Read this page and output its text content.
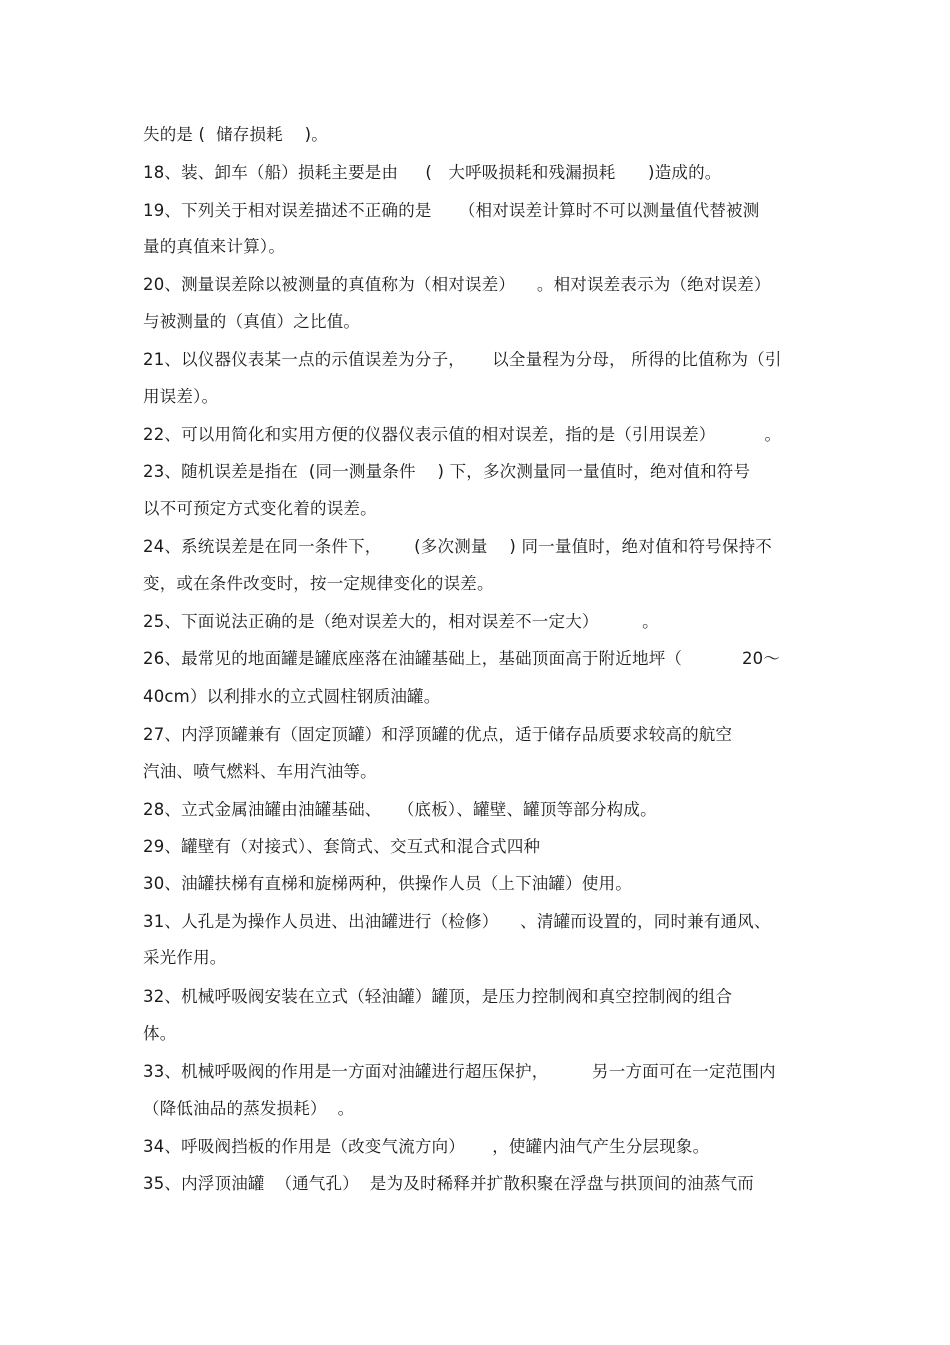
失的是 (  储存损耗    )。
18、装、卸车（船）损耗主要是由     (   大呼吸损耗和残漏损耗      )造成的。
19、下列关于相对误差描述不正确的是     （相对误差计算时不可以测量值代替被测
量的真值来计算）。
20、测量误差除以被测量的真值称为（相对误差）    。相对误差表示为（绝对误差）
与被测量的（真值）之比值。
21、以仪器仪表某一点的示值误差为分子，     以全量程为分母， 所得的比值称为（引
用误差）。
22、可以用简化和实用方便的仪器仪表示值的相对误差，指的是（引用误差）         。
23、随机误差是指在  (同一测量条件    ) 下，多次测量同一量值时，绝对值和符号
以不可预定方式变化着的误差。
24、系统误差是在同一条件下，      (多次测量    ) 同一量值时，绝对值和符号保持不
变，或在条件改变时，按一定规律变化的误差。
25、下面说法正确的是（绝对误差大的，相对误差不一定大）        。
26、最常见的地面罐是罐底座落在油罐基础上，基础顶面高于附近地坪（           20～
40cm）以利排水的立式圆柱钢质油罐。
27、内浮顶罐兼有（固定顶罐）和浮顶罐的优点，适于储存品质要求较高的航空
汽油、喷气燃料、车用汽油等。
28、立式金属油罐由油罐基础、   （底板）、罐壁、罐顶等部分构成。
29、罐壁有（对接式）、套筒式、交互式和混合式四种
30、油罐扶梯有直梯和旋梯两种，供操作人员（上下油罐）使用。
31、人孔是为操作人员进、出油罐进行（检修）    、清罐而设置的，同时兼有通风、
采光作用。
32、机械呼吸阀安装在立式（轻油罐）罐顶，是压力控制阀和真空控制阀的组合
体。
33、机械呼吸阀的作用是一方面对油罐进行超压保护，        另一方面可在一定范围内
（降低油品的蒸发损耗）  。
34、呼吸阀挡板的作用是（改变气流方向）     ，使罐内油气产生分层现象。
35、内浮顶油罐  （通气孔）  是为及时稀释并扩散积聚在浮盘与拱顶间的油蒸气而
